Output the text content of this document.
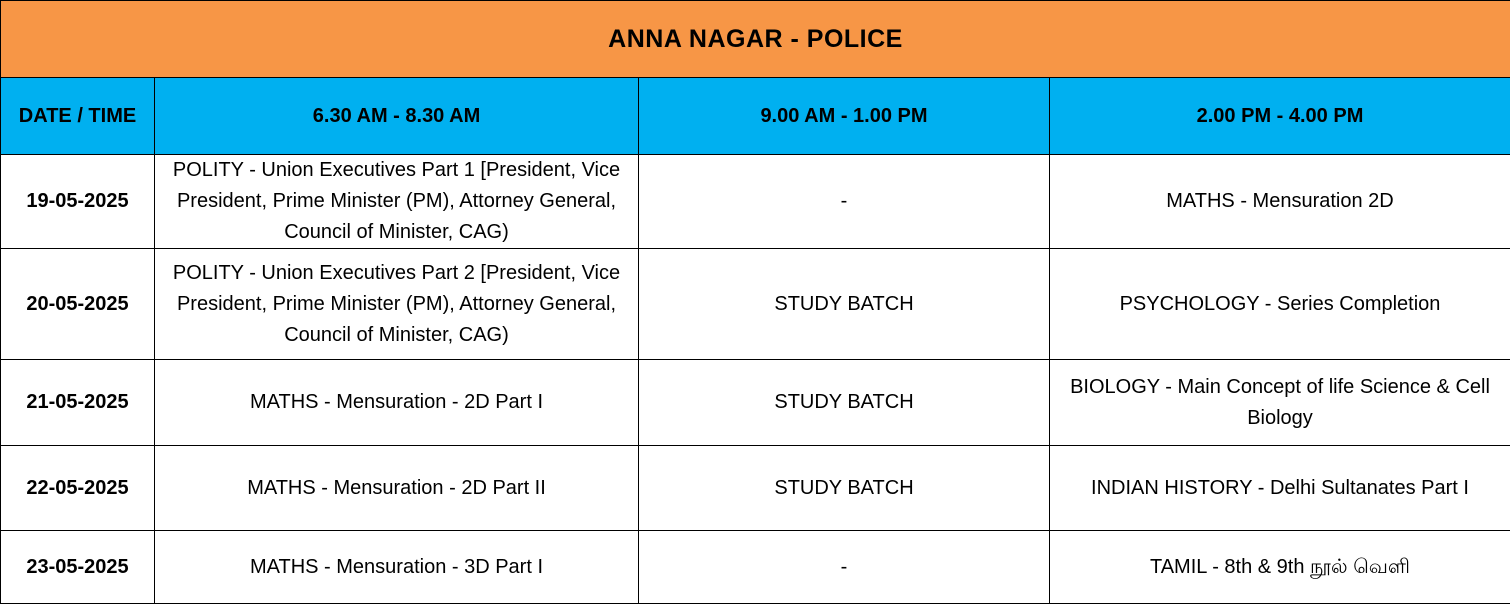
ANNA NAGAR - POLICE			
DATE / TIME	6.30 AM - 8.30 AM	9.00 AM - 1.00 PM	2.00 PM - 4.00 PM
19-05-2025	POLITY - Union Executives Part 1 [President, Vice President, Prime Minister (PM), Attorney General, Council of Minister, CAG)	-	MATHS - Mensuration 2D
20-05-2025	POLITY - Union Executives Part 2 [President, Vice President, Prime Minister (PM), Attorney General, Council of Minister, CAG)	STUDY BATCH	PSYCHOLOGY - Series Completion
21-05-2025	MATHS - Mensuration - 2D Part I	STUDY BATCH	BIOLOGY - Main Concept of life Science & Cell Biology
22-05-2025	MATHS - Mensuration - 2D Part II	STUDY BATCH	INDIAN HISTORY - Delhi Sultanates Part I
23-05-2025	MATHS - Mensuration - 3D Part I	-	TAMIL - 8th & 9th நூல் வெளி
